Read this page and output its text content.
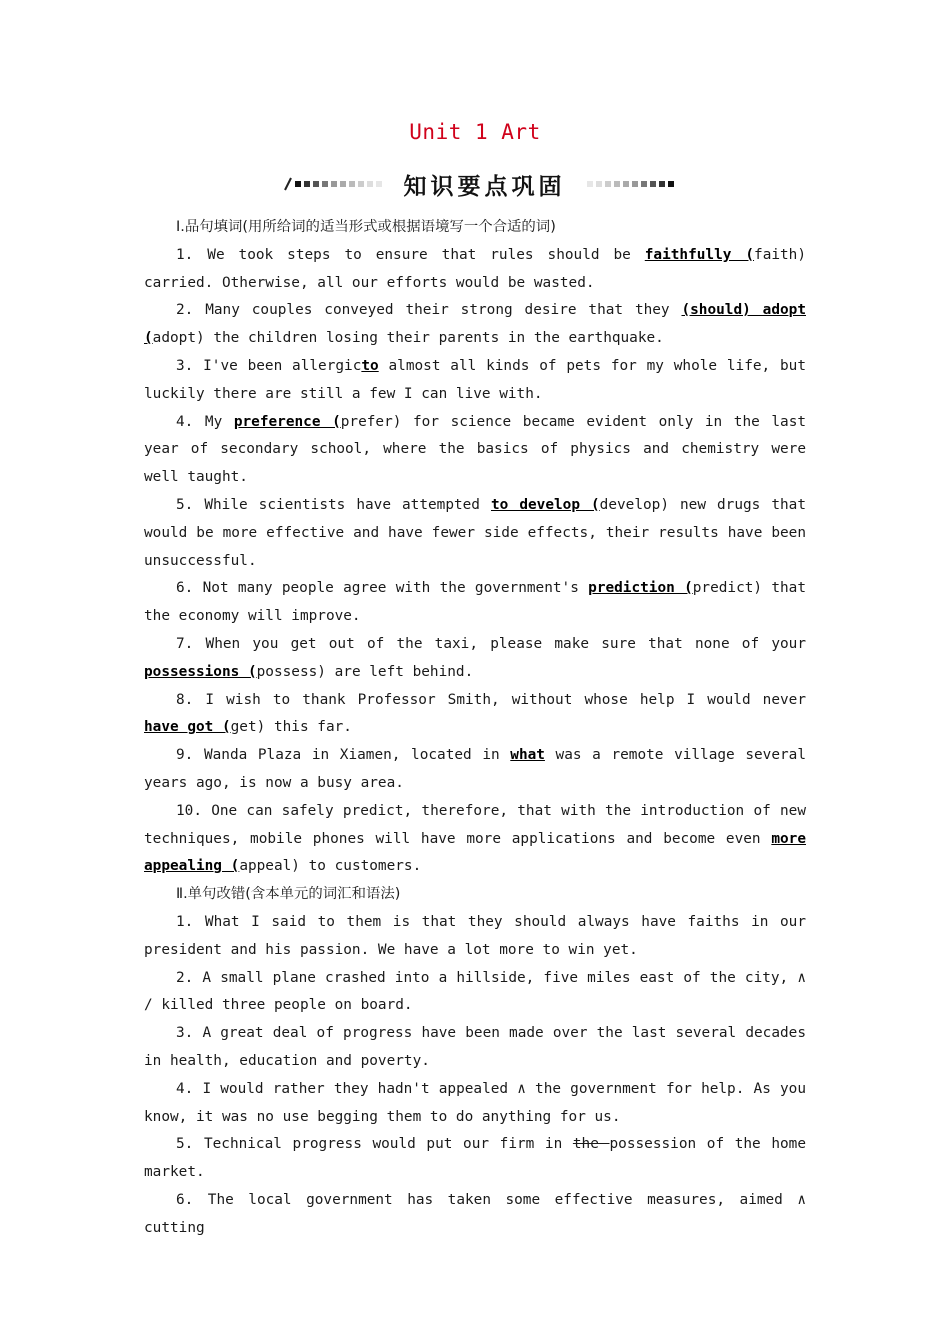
Unit 1 Art
知识要点巩固

Ⅰ.品句填词(用所给词的适当形式或根据语境写一个合适的词)

1. We took steps to ensure that rules should be faithfully (faith) carried. Otherwise, all our efforts would be wasted.

2. Many couples conveyed their strong desire that they (should) adopt (adopt) the children losing their parents in the earthquake.

3. I've been allergicto almost all kinds of pets for my whole life, but luckily there are still a few I can live with.

4. My preference (prefer) for science became evident only in the last year of secondary school, where the basics of physics and chemistry were well taught.

5. While scientists have attempted to develop (develop) new drugs that would be more effective and have fewer side effects, their results have been unsuccessful.

6. Not many people agree with the government's prediction (predict) that the economy will improve.

7. When you get out of the taxi, please make sure that none of your possessions (possess) are left behind.

8. I wish to thank Professor Smith, without whose help I would never have got (get) this far.

9. Wanda Plaza in Xiamen, located in what was a remote village several years ago, is now a busy area.

10. One can safely predict, therefore, that with the introduction of new techniques, mobile phones will have more applications and become even more appealing (appeal) to customers.

Ⅱ.单句改错(含本单元的词汇和语法)

1. What I said to them is that they should always have faiths in our president and his passion. We have a lot more to win yet.

2. A small plane crashed into a hillside, five miles east of the city, ∧ / killed three people on board.

3. A great deal of progress have been made over the last several decades in health, education and poverty.

4. I would rather they hadn't appealed ∧ the government for help. As you know, it was no use begging them to do anything for us.

5. Technical progress would put our firm in the possession of the home market.

6. The local government has taken some effective measures, aimed ∧ cutting
